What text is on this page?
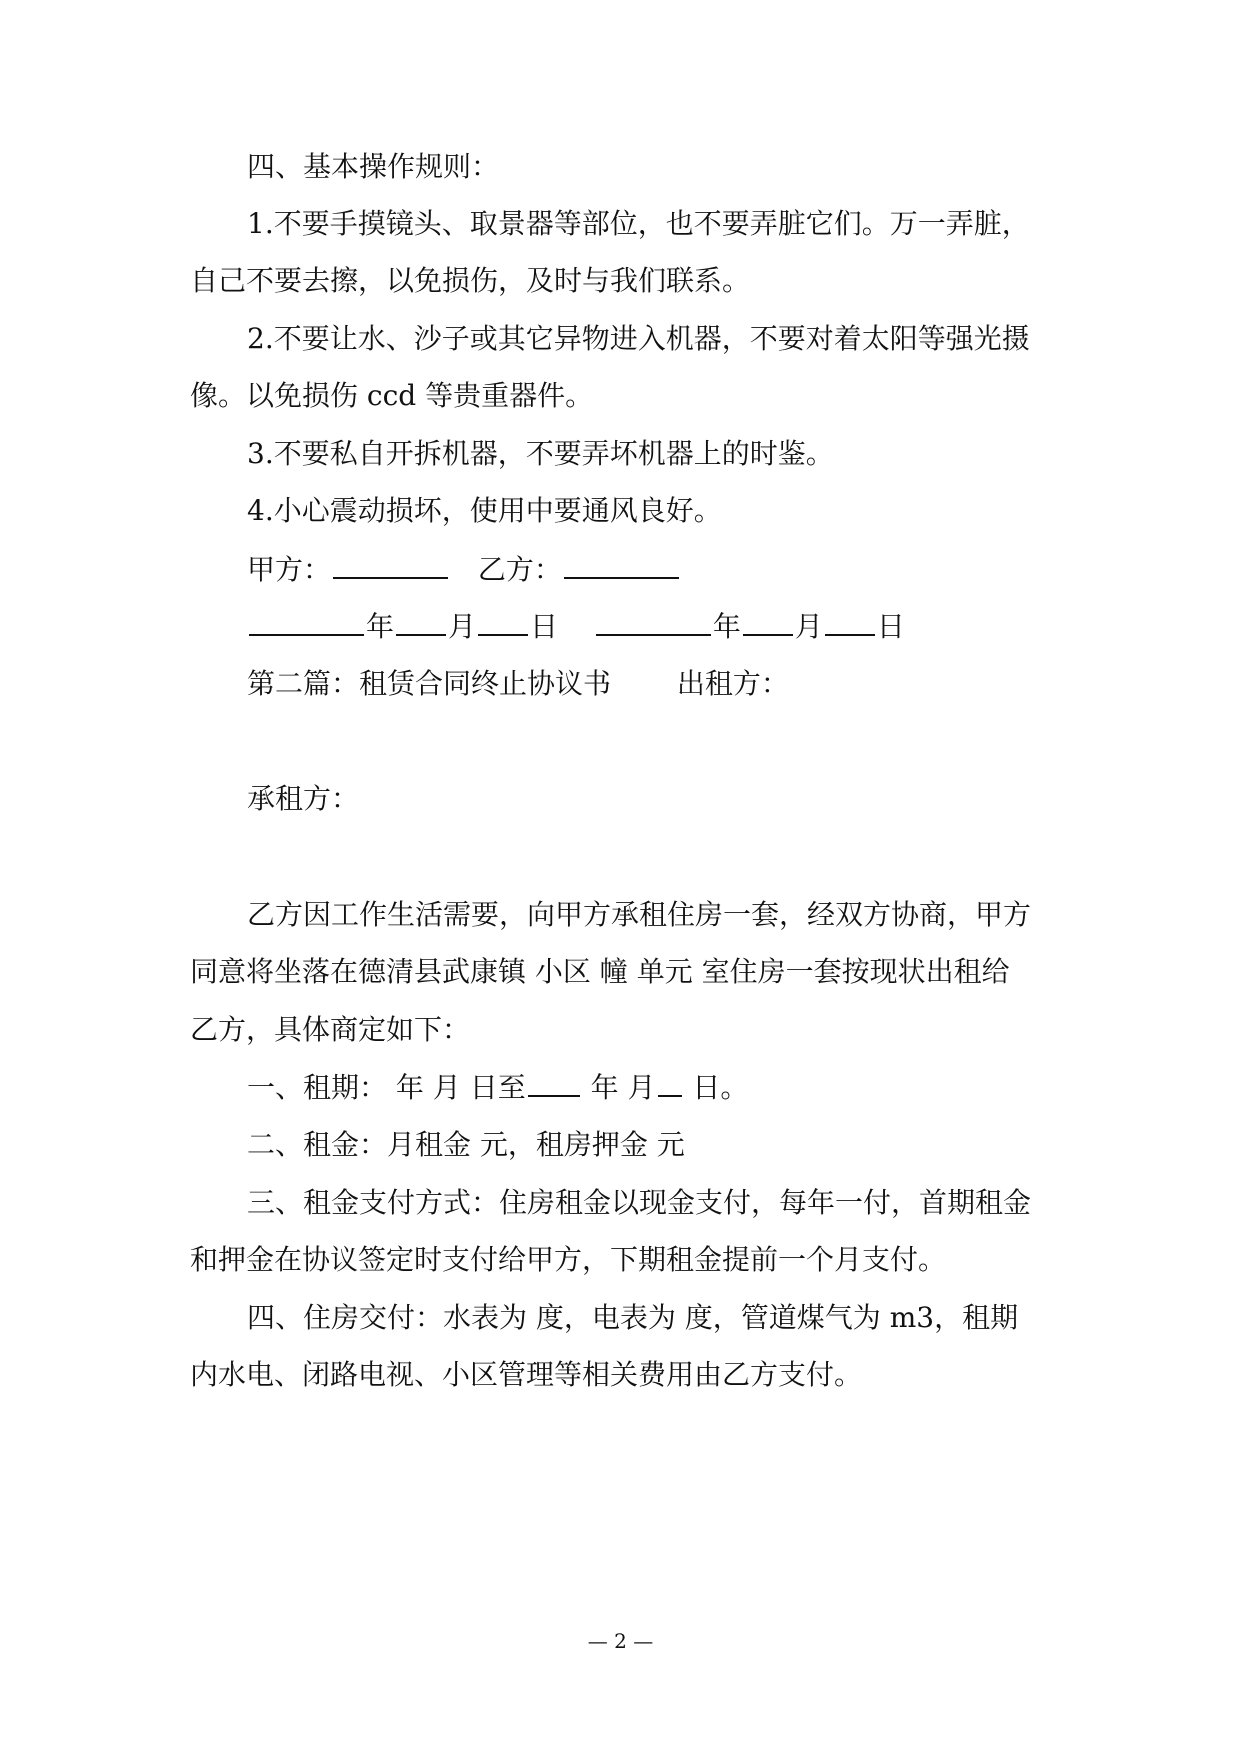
四、基本操作规则：
1.不要手摸镜头、取景器等部位，也不要弄脏它们。万一弄脏，
自己不要去擦，以免损伤，及时与我们联系。
2.不要让水、沙子或其它异物进入机器，不要对着太阳等强光摄
像。以免损伤 ccd 等贵重器件。
3.不要私自开拆机器，不要弄坏机器上的时鉴。
4.小心震动损坏，使用中要通风良好。
甲方：	乙方：
年 月 日	年 月 日
第二篇：租赁合同终止协议书 出租方：
承租方：
乙方因工作生活需要，向甲方承租住房一套，经双方协商，甲方
同意将坐落在德清县武康镇 小区 幢 单元 室住房一套按现状出租给
乙方，具体商定如下：
一、租期： 年 月 日至 年 月 日。
二、租金：月租金 元，租房押金 元
三、租金支付方式：住房租金以现金支付，每年一付，首期租金
和押金在协议签定时支付给甲方，下期租金提前一个月支付。
四、住房交付：水表为 度，电表为 度，管道煤气为 m3，租期
内水电、闭路电视、小区管理等相关费用由乙方支付。
— 2 —
